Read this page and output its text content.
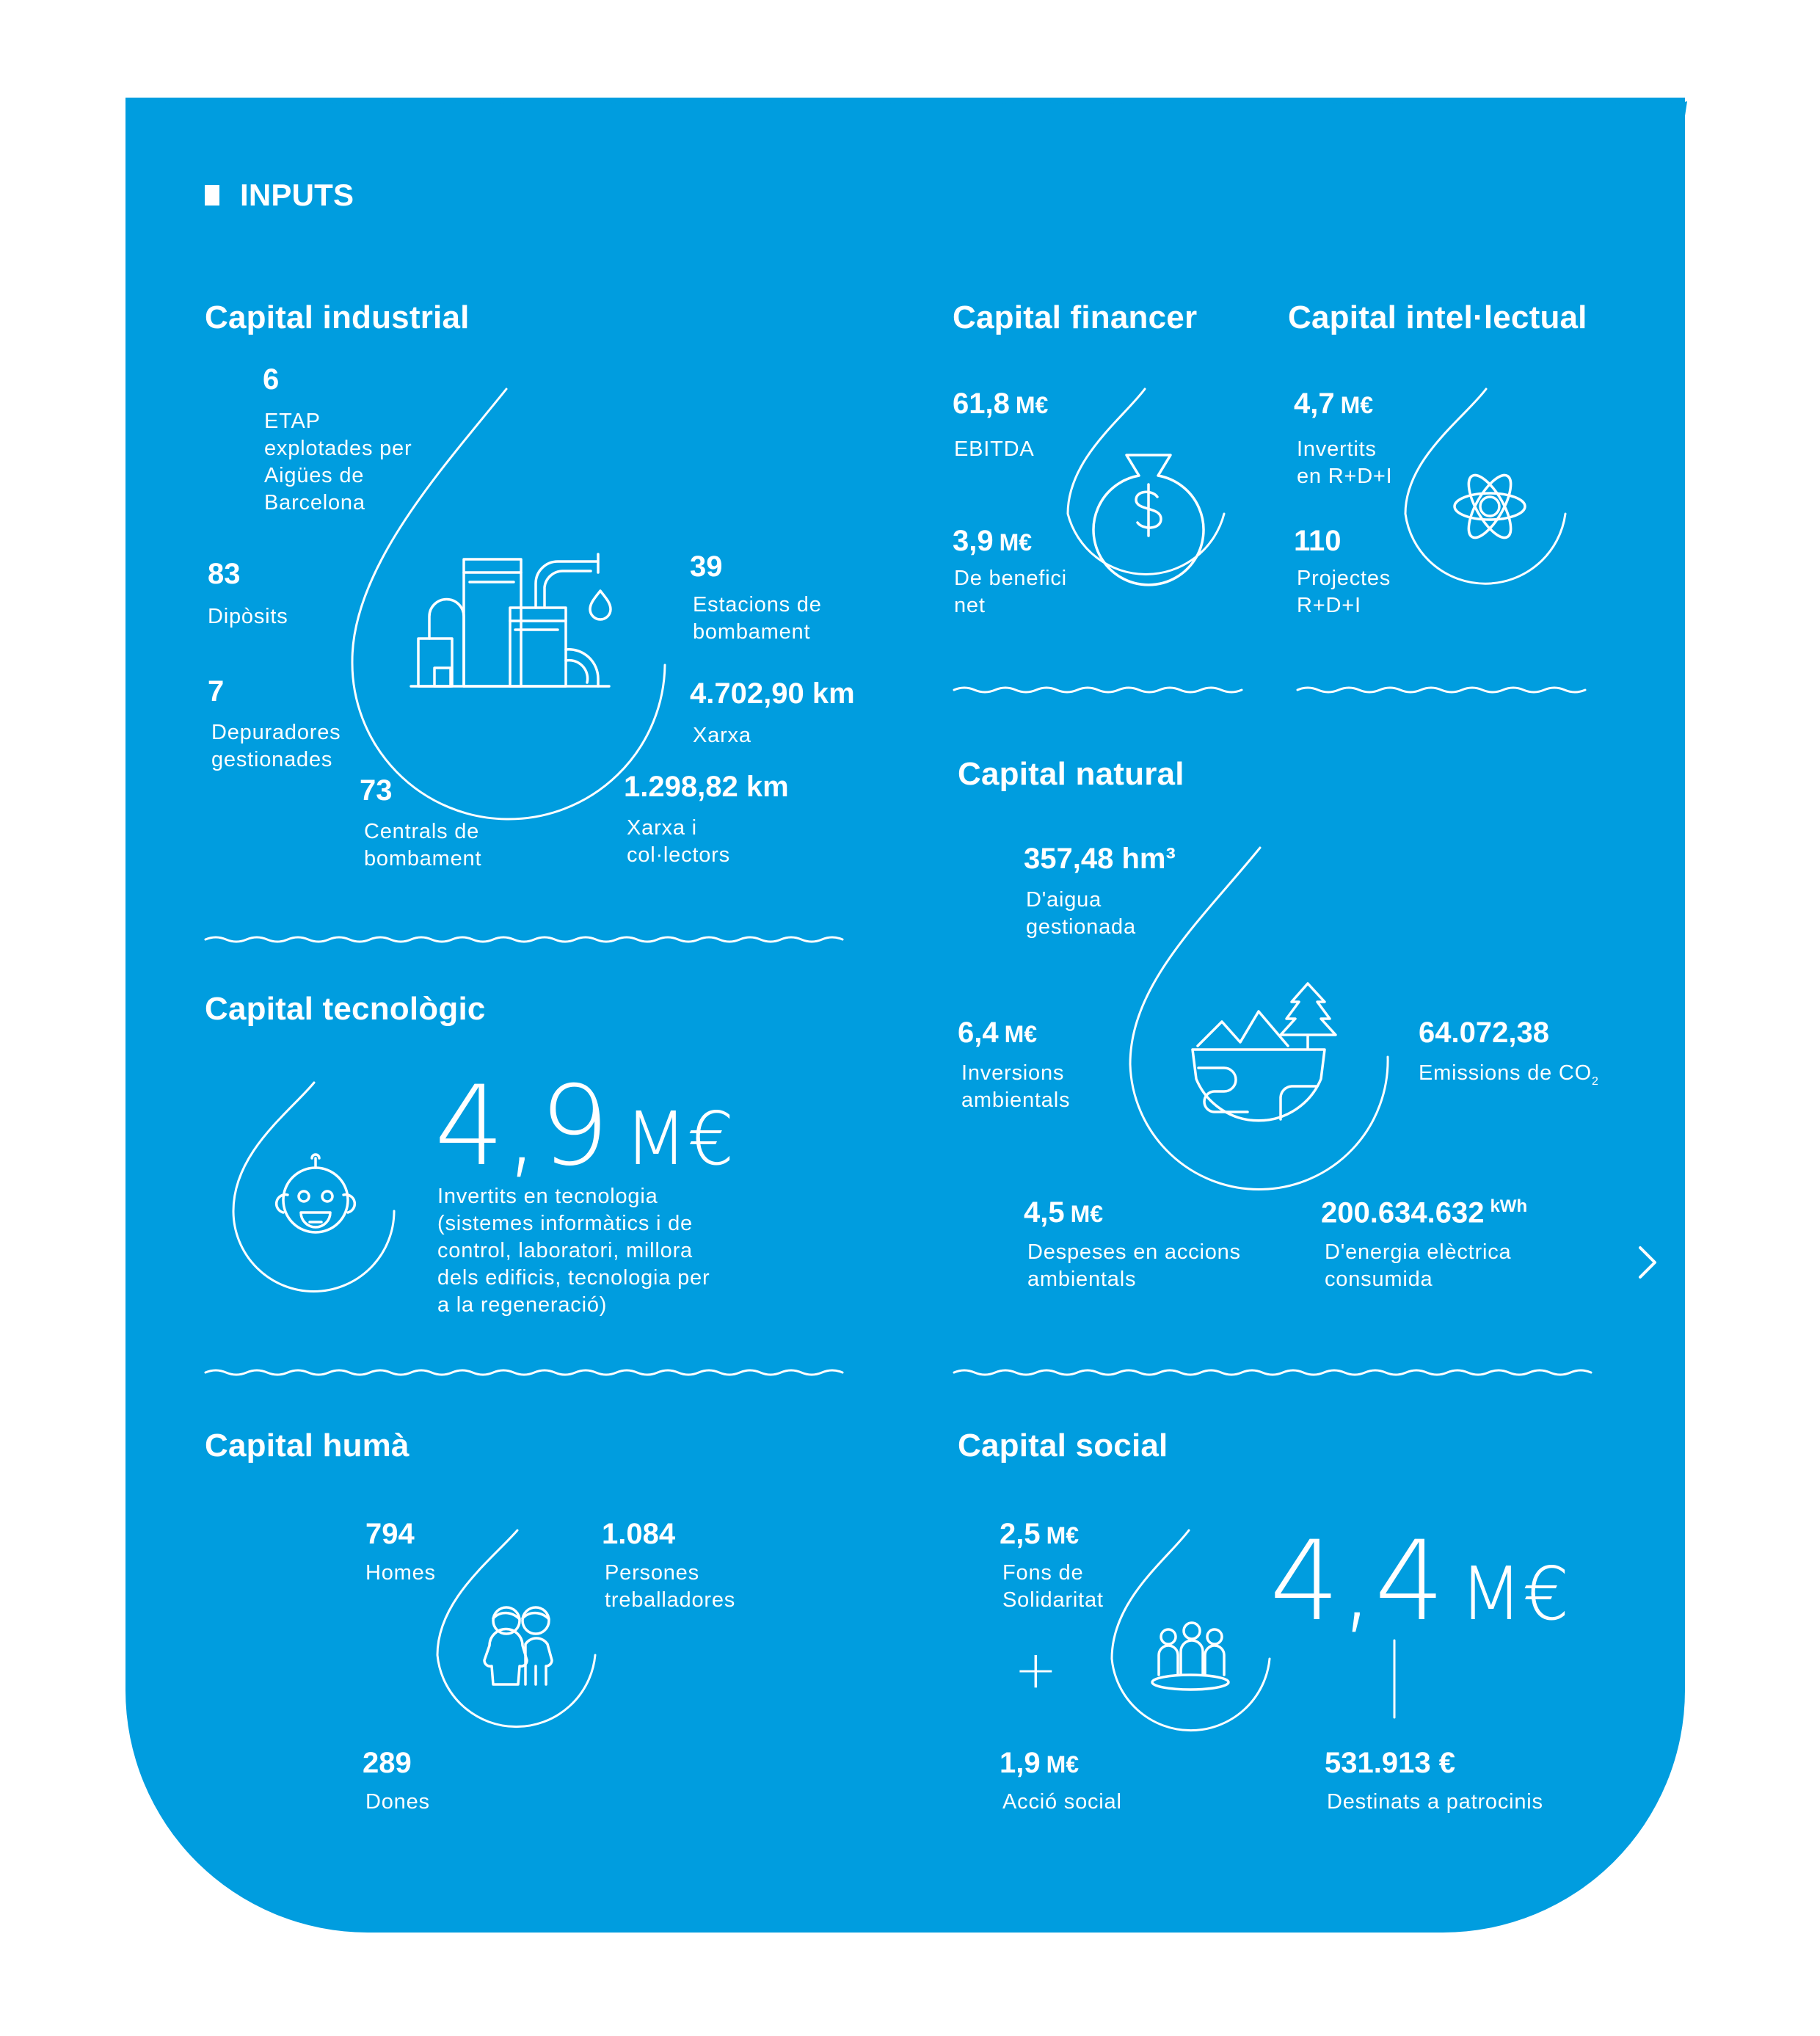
INPUTS
Capital industrial
6
ETAP explotades per Aigües de Barcelona
83
Dipòsits
7
Depuradores gestionades
73
Centrals de bombament
39
Estacions de bombament
4.702,90 km
Xarxa
1.298,82 km
Xarxa i col·lectors
Capital financer
61,8 M€
EBITDA
3,9 M€
De benefici net
Capital intel·lectual
4,7 M€
Invertits en R+D+I
110
Projectes R+D+I
Capital tecnològic
4,9 M€
Invertits en tecnologia (sistemes informàtics i de control, laboratori, millora dels edificis, tecnologia per a la regeneració)
Capital natural
357,48 hm³
D'aigua gestionada
6,4 M€
Inversions ambientals
64.072,38
Emissions de $CO_2$
4,5 M€
Despeses en accions ambientals
200.634.632 $^{kWh}$
D'energia elèctrica consumida
Capital humà
794
Homes
1.084
Persones treballadores
289
Dones
Capital social
2,5 M€
Fons de Solidaritat
+
1,9 M€
Acció social
4,4 M€
531.913 €
Destinats a patrocinis
